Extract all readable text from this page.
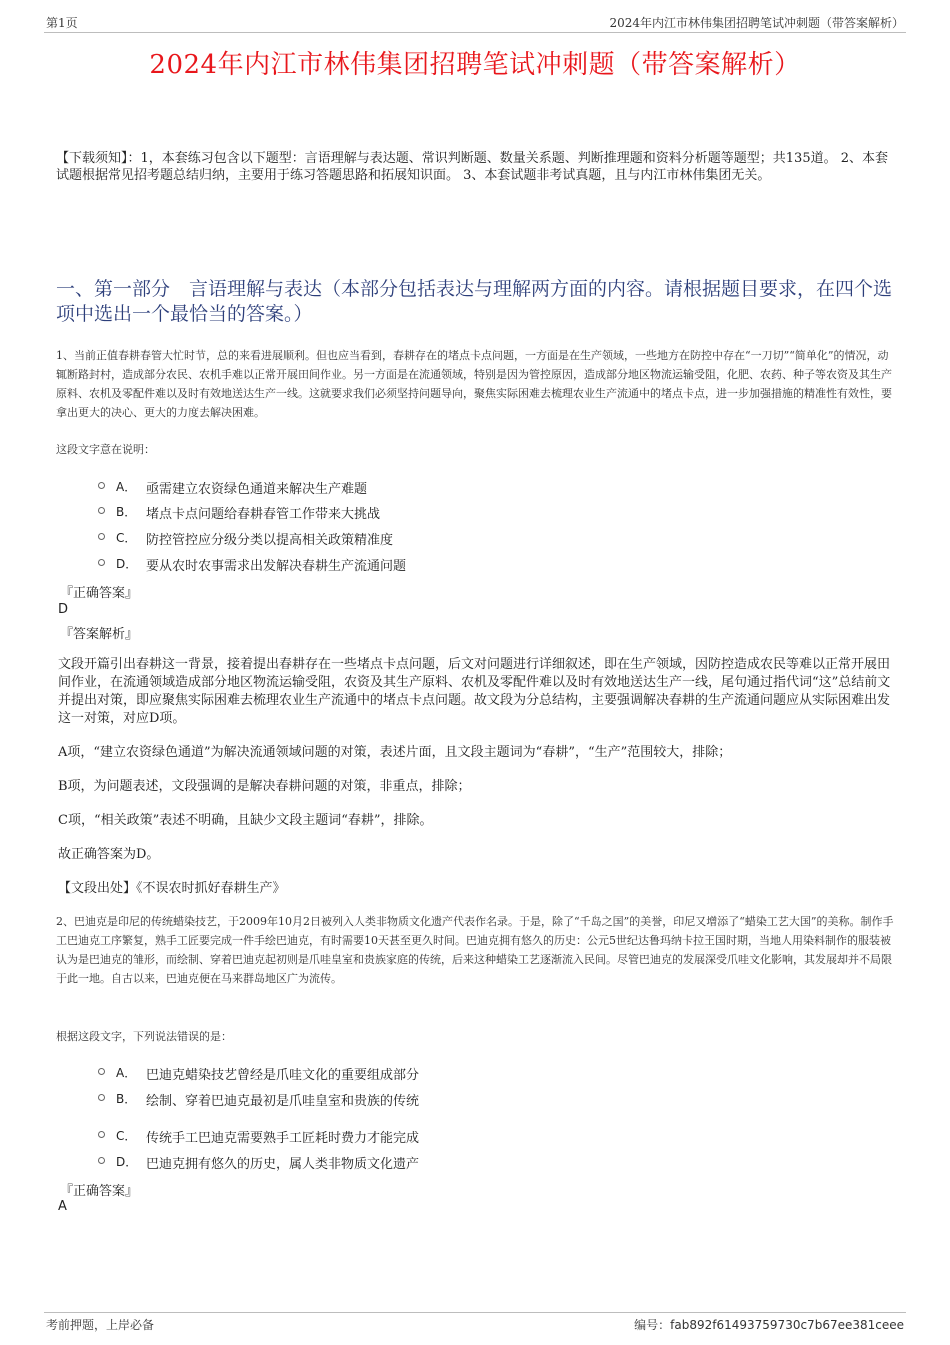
第1页	2024年内江市林伟集团招聘笔试冲刺题（带答案解析）
2024年内江市林伟集团招聘笔试冲刺题（带答案解析）
【下载须知】：1，本套练习包含以下题型：言语理解与表达题、常识判断题、数量关系题、判断推理题和资料分析题等题型；共135道。 2、本套试题根据常见招考题总结归纳，主要用于练习答题思路和拓展知识面。 3、本套试题非考试真题，且与内江市林伟集团无关。
一、第一部分　言语理解与表达（本部分包括表达与理解两方面的内容。请根据题目要求，在四个选项中选出一个最恰当的答案。）
1、当前正值春耕春管大忙时节，总的来看进展顺利。但也应当看到，春耕存在的堵点卡点问题，一方面是在生产领域，一些地方在防控中存在“一刀切”“简单化”的情况，动辄断路封村，造成部分农民、农机手难以正常开展田间作业。另一方面是在流通领域，特别是因为管控原因，造成部分地区物流运输受阻，化肥、农药、种子等农资及其生产原料、农机及零配件难以及时有效地送达生产一线。这就要求我们必须坚持问题导向，聚焦实际困难去梳理农业生产流通中的堵点卡点，进一步加强措施的精准性有效性，要拿出更大的决心、更大的力度去解决困难。
这段文字意在说明：
A． 亟需建立农资绿色通道来解决生产难题
B． 堵点卡点问题给春耕春管工作带来大挑战
C． 防控管控应分级分类以提高相关政策精准度
D． 要从农时农事需求出发解决春耕生产流通问题
『正确答案』
D
『答案解析』
文段开篇引出春耕这一背景，接着提出春耕存在一些堵点卡点问题，后文对问题进行详细叙述，即在生产领域，因防控造成农民等难以正常开展田间作业，在流通领域造成部分地区物流运输受阻，农资及其生产原料、农机及零配件难以及时有效地送达生产一线，尾句通过指代词“这”总结前文并提出对策，即应聚焦实际困难去梳理农业生产流通中的堵点卡点问题。故文段为分总结构，主要强调解决春耕的生产流通问题应从实际困难出发这一对策，对应D项。
A项，“建立农资绿色通道”为解决流通领域问题的对策，表述片面，且文段主题词为“春耕”，“生产”范围较大，排除；
B项，为问题表述，文段强调的是解决春耕问题的对策，非重点，排除；
C项，“相关政策”表述不明确，且缺少文段主题词“春耕”，排除。
故正确答案为D。
【文段出处】《不误农时抓好春耕生产》
2、巴迪克是印尼的传统蜡染技艺，于2009年10月2日被列入人类非物质文化遗产代表作名录。于是，除了“千岛之国”的美誉，印尼又增添了“蜡染工艺大国”的美称。制作手工巴迪克工序繁复，熟手工匠要完成一件手绘巴迪克，有时需要10天甚至更久时间。巴迪克拥有悠久的历史：公元5世纪达鲁玛纳卡拉王国时期，当地人用染料制作的服装被认为是巴迪克的雏形，而绘制、穿着巴迪克起初则是爪哇皇室和贵族家庭的传统，后来这种蜡染工艺逐渐流入民间。尽管巴迪克的发展深受爪哇文化影响，其发展却并不局限于此一地。自古以来，巴迪克便在马来群岛地区广为流传。
根据这段文字，下列说法错误的是：
A． 巴迪克蜡染技艺曾经是爪哇文化的重要组成部分
B． 绘制、穿着巴迪克最初是爪哇皇室和贵族的传统
C． 传统手工巴迪克需要熟手工匠耗时费力才能完成
D． 巴迪克拥有悠久的历史，属人类非物质文化遗产
『正确答案』
A
考前押题，上岸必备	编号：fab892f61493759730c7b67ee381ceee
